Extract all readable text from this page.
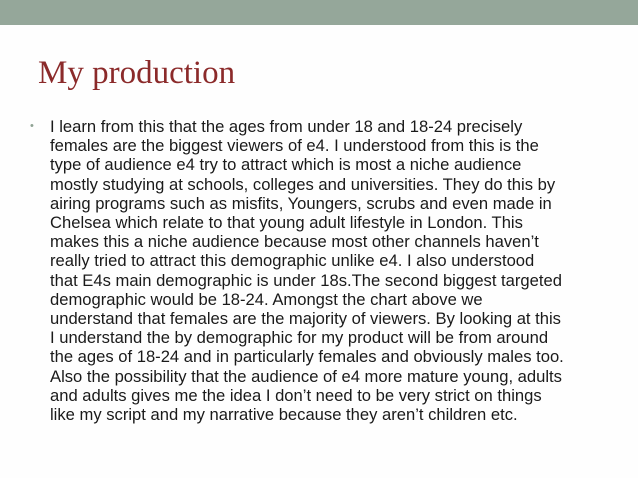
My production
• I learn from this that the ages from under 18 and 18-24 precisely
females are the biggest viewers of e4. I understood from this is the
type of audience e4 try to attract which is most a niche audience
mostly studying at schools, colleges and universities. They do this by
airing programs such as misfits, Youngers, scrubs and even made in
Chelsea which relate to that young adult lifestyle in London. This
makes this a niche audience because most other channels haven’t
really tried to attract this demographic unlike e4. I also understood
that E4s main demographic is under 18s.The second biggest targeted
demographic would be 18-24. Amongst the chart above we
understand that females are the majority of viewers. By looking at this
I understand the by demographic for my product will be from around
the ages of 18-24 and in particularly females and obviously males too.
Also the possibility that the audience of e4 more mature young, adults
and adults gives me the idea I don’t need to be very strict on things
like my script and my narrative because they aren’t children etc.
